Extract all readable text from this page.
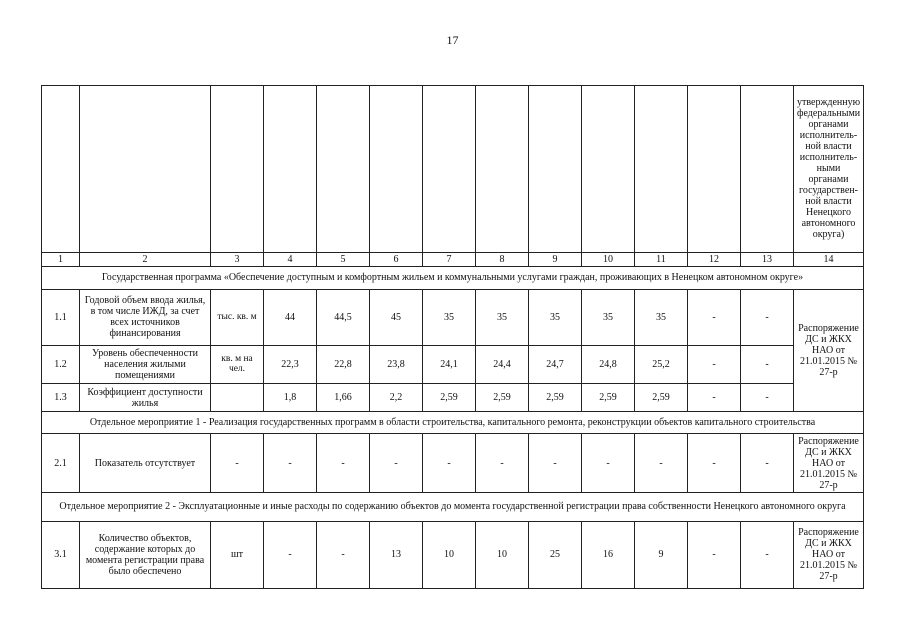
17
													утвержденную федеральными органами исполнитель-ной власти исполнитель-ными органами государствен-ной власти Ненецкого автономного округа)
1	2	3	4	5	6	7	8	9	10	11	12	13	14
Государственная программа «Обеспечение доступным и комфортным жильем и коммунальными услугами граждан, проживающих в Ненецком автономном округе»													
1.1	Годовой объем ввода жилья, в том числе ИЖД, за счет всех источников финансирования	тыс. кв. м	44	44,5	45	35	35	35	35	35	-	-	Распоряжение ДС и ЖКХ НАО от 21.01.2015 № 27-р
1.2	Уровень обеспеченности населения жилыми помещениями	кв. м на чел.	22,3	22,8	23,8	24,1	24,4	24,7	24,8	25,2	-	-	
1.3	Коэффициент доступности жилья		1,8	1,66	2,2	2,59	2,59	2,59	2,59	2,59	-	-	
Отдельное мероприятие 1 - Реализация государственных программ в области строительства, капитального ремонта, реконструкции объектов капитального строительства													
2.1	Показатель отсутствует	-	-	-	-	-	-	-	-	-	-	-	Распоряжение ДС и ЖКХ НАО от 21.01.2015 № 27-р
Отдельное мероприятие 2 - Эксплуатационные и иные расходы по содержанию объектов до момента государственной регистрации права собственности Ненецкого автономного округа													
3.1	Количество объектов, содержание которых до момента регистрации права было обеспечено	шт	-	-	13	10	10	25	16	9	-	-	Распоряжение ДС и ЖКХ НАО от 21.01.2015 № 27-р
